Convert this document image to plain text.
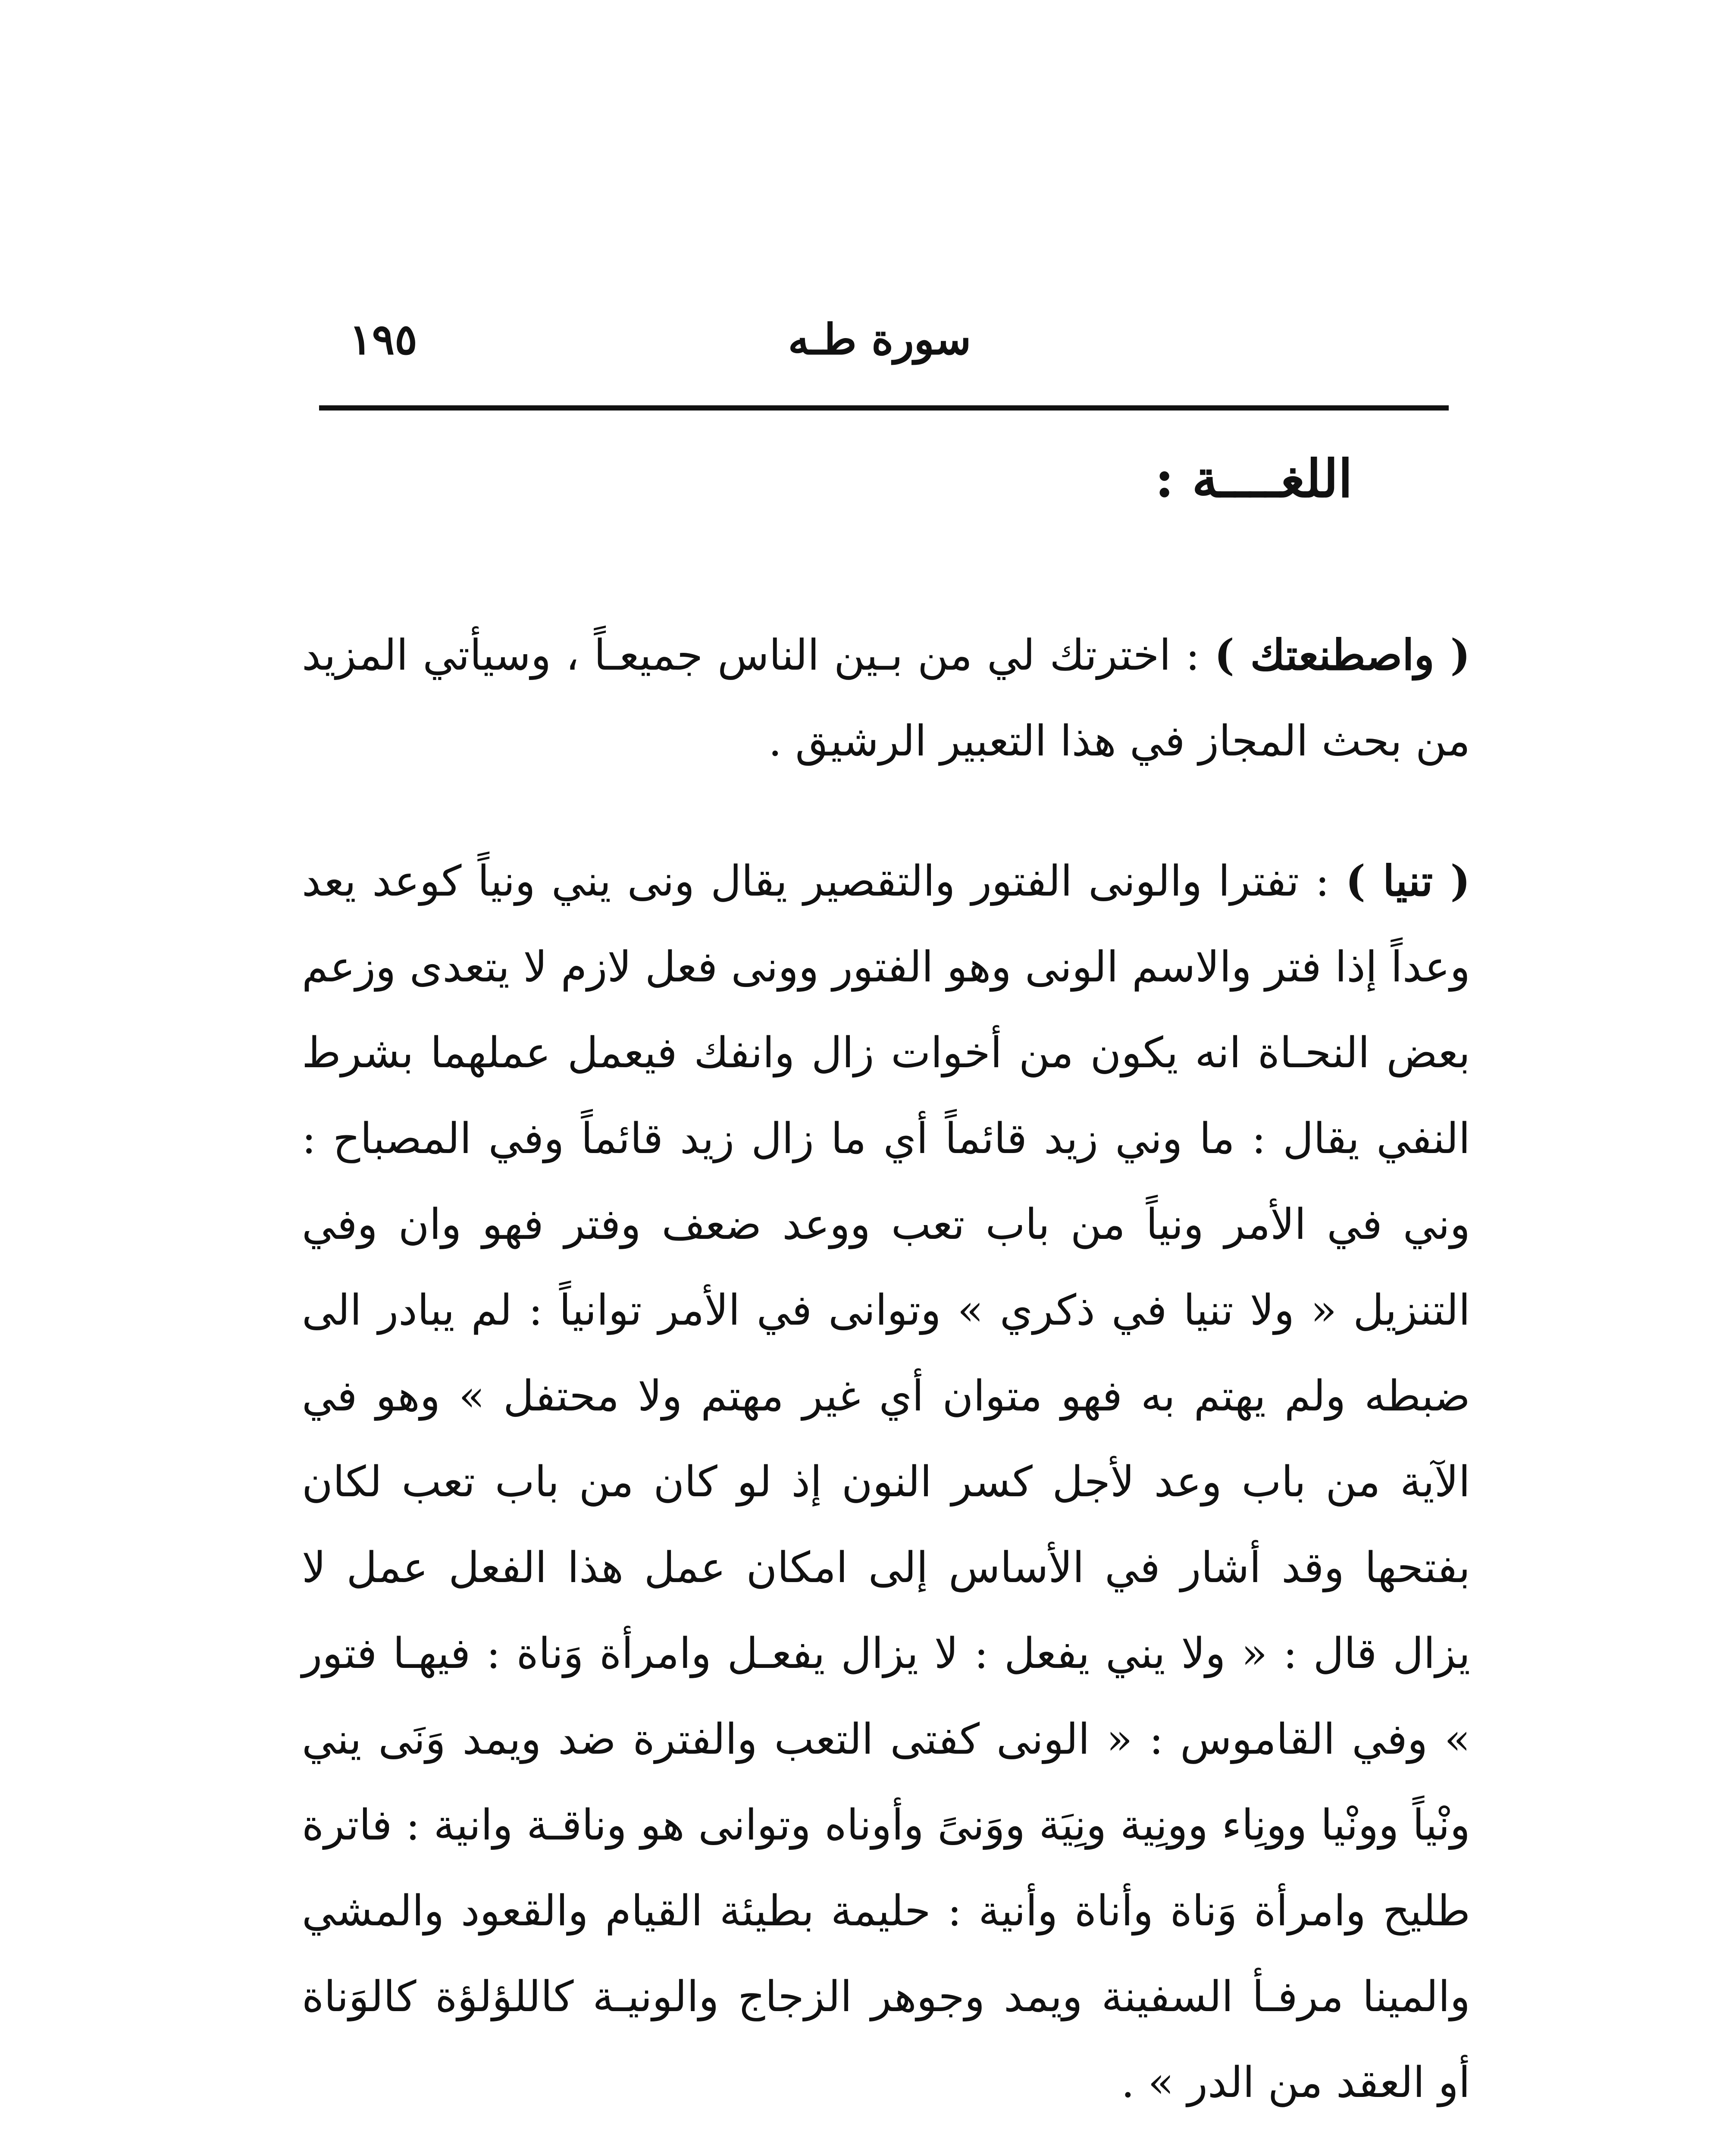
١٩٥	سورة طـه
اللغــــة :

( واصطنعتك ) : اخترتك لي من بـين الناس جميعـاً ، وسيأتي المزيد من بحث المجاز في هذا التعبير الرشيق .

( تنيا ) : تفترا والونى الفتور والتقصير يقال ونى يني ونياً كوعد يعد وعداً إذا فتر والاسم الونى وهو الفتور وونى فعل لازم لا يتعدى وزعم بعض النحـاة انه يكون من أخوات زال وانفك فيعمل عملهما بشرط النفي يقال : ما وني زيد قائماً أي ما زال زيد قائماً وفي المصباح : وني في الأمر ونياً من باب تعب ووعد ضعف وفتر فهو وان وفي التنزيل « ولا تنيا في ذكري » وتوانى في الأمر توانياً : لم يبادر الى ضبطه ولم يهتم به فهو متوان أي غير مهتم ولا محتفل » وهو في الآية من باب وعد لأجل كسر النون إذ لو كان من باب تعب لكان بفتحها وقد أشار في الأساس إلى امكان عمل هذا الفعل عمل لا يزال قال : « ولا يني يفعل : لا يزال يفعـل وامرأة وَناة : فيهـا فتور » وفي القاموس : « الونى كفتى التعب والفترة ضد ويمد وَنَى يني ونْياً وونْيا وونِاء وونِية ونِيَة ووَنىً وأوناه وتوانى هو وناقـة وانية : فاترة طليح وامرأة وَناة وأناة وأنية : حليمة بطيئة القيام والقعود والمشي والمينا مرفـأ السفينة ويمد وجوهر الزجاج والونيـة كاللؤلؤة كالوَناة أو العقد من الدر » .
